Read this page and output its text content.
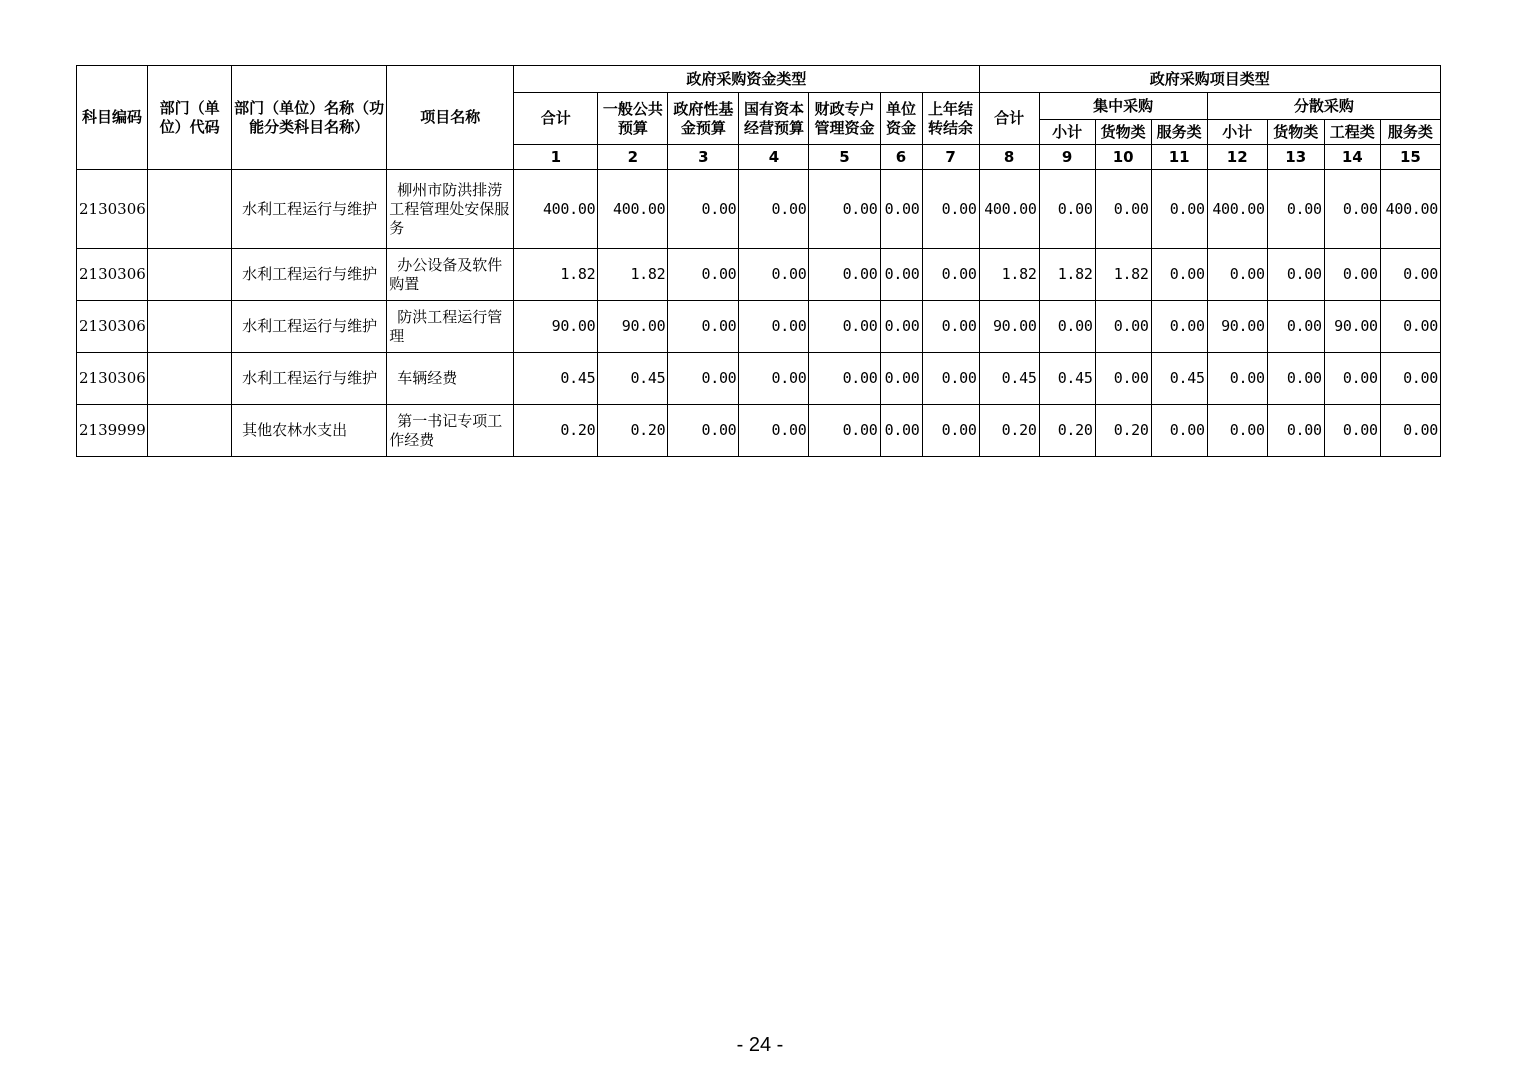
科目编码	部门（单位）代码	部门（单位）名称（功能分类科目名称）	项目名称	政府采购资金类型							政府采购项目类型							
				合计	一般公共预算	政府性基金预算	国有资本经营预算	财政专户管理资金	单位资金	上年结转结余	合计	集中采购			分散采购			
												小计	货物类	服务类	小计	货物类	工程类	服务类
				1	2	3	4	5	6	7	8	9	10	11	12	13	14	15
2130306		水利工程运行与维护	柳州市防洪排涝工程管理处安保服务	400.00	400.00	0.00	0.00	0.00	0.00	0.00	400.00	0.00	0.00	0.00	400.00	0.00	0.00	400.00
2130306		水利工程运行与维护	办公设备及软件购置	1.82	1.82	0.00	0.00	0.00	0.00	0.00	1.82	1.82	1.82	0.00	0.00	0.00	0.00	0.00
2130306		水利工程运行与维护	防洪工程运行管理	90.00	90.00	0.00	0.00	0.00	0.00	0.00	90.00	0.00	0.00	0.00	90.00	0.00	90.00	0.00
2130306		水利工程运行与维护	车辆经费	0.45	0.45	0.00	0.00	0.00	0.00	0.00	0.45	0.45	0.00	0.45	0.00	0.00	0.00	0.00
2139999		其他农林水支出	第一书记专项工作经费	0.20	0.20	0.00	0.00	0.00	0.00	0.00	0.20	0.20	0.20	0.00	0.00	0.00	0.00	0.00
- 24 -
